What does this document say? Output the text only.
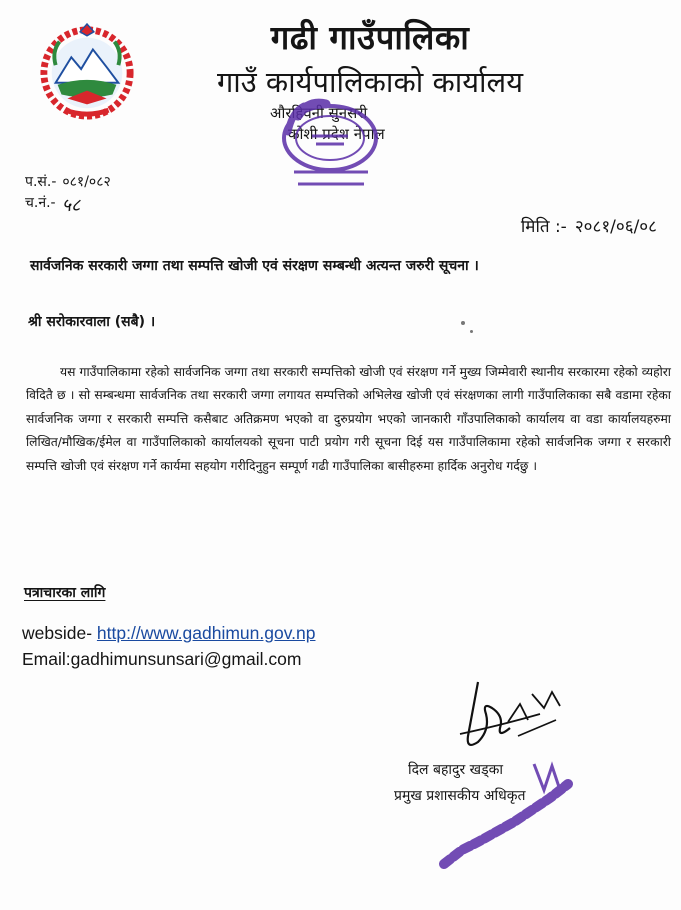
गढी गाउँपालिका
गाउँ कार्यपालिकाको कार्यालय
औरहिवनी सुनसरी
कोशी प्रदेश नेपाल
प.सं.- ०८१/०८२
च.नं.- ५८
मिति :- २०८१/०६/०८
सार्वजनिक सरकारी जग्गा तथा सम्पत्ति खोजी एवं संरक्षण सम्बन्धी अत्यन्त जरुरी सूचना ।
श्री सरोकारवाला (सबै) ।
यस गाउँपालिकामा रहेको सार्वजनिक जग्गा तथा सरकारी सम्पत्तिको खोजी एवं संरक्षण गर्ने मुख्य जिम्मेवारी स्थानीय सरकारमा रहेको व्यहोरा विदितै छ । सो सम्बन्धमा सार्वजनिक तथा सरकारी जग्गा लगायत सम्पत्तिको अभिलेख खोजी एवं संरक्षणका लागी गाउँपालिकाका सबै वडामा रहेका सार्वजनिक जग्गा र सरकारी सम्पत्ति कसैबाट अतिक्रमण भएको वा दुरुप्रयोग भएको जानकारी गाँउपालिकाको कार्यालय वा वडा कार्यालयहरुमा लिखित/मौखिक/ईमेल वा गाउँपालिकाको कार्यालयको सूचना पाटी प्रयोग गरी सूचना दिई यस गाउँपालिकामा रहेको सार्वजनिक जग्गा र सरकारी सम्पत्ति खोजी एवं संरक्षण गर्ने कार्यमा सहयोग गरीदिनुहुन सम्पूर्ण गढी गाउँपालिका बासीहरुमा हार्दिक अनुरोध गर्दछु ।
पत्राचारका लागि
webside- http://www.gadhimun.gov.np
Email:gadhimunsunsari@gmail.com
दिल बहादुर खड्का
प्रमुख प्रशासकीय अधिकृत
